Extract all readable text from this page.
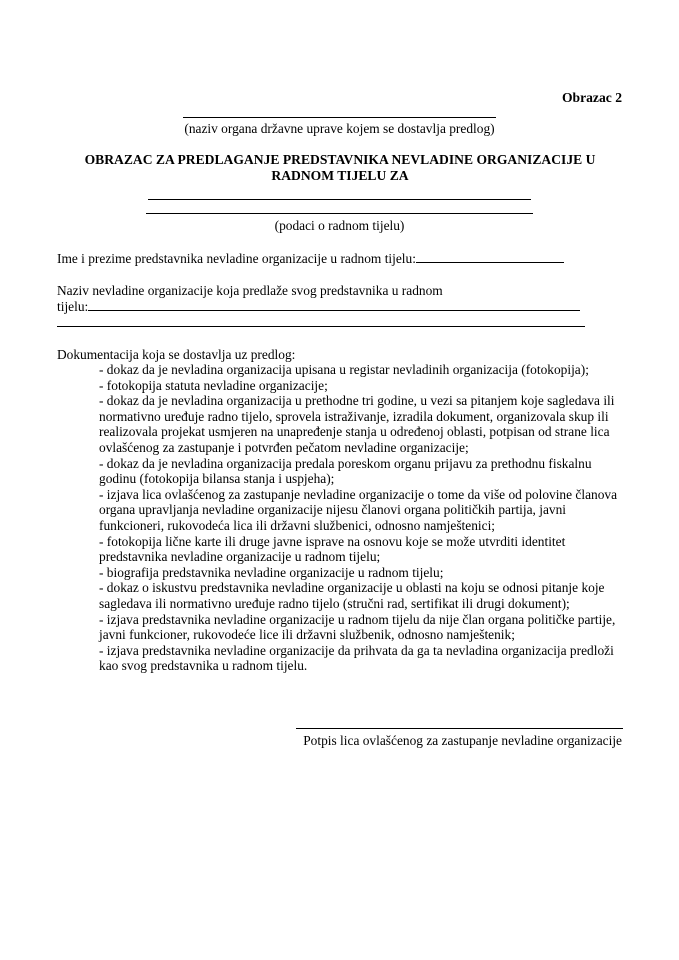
Obrazac 2
(naziv organa državne uprave kojem se dostavlja predlog)
OBRAZAC ZA PREDLAGANJE PREDSTAVNIKA NEVLADINE ORGANIZACIJE U RADNOM TIJELU ZA
(podaci o radnom tijelu)
Ime i prezime predstavnika nevladine organizacije u radnom tijelu:
Naziv nevladine organizacije koja predlaže svog predstavnika u radnom
tijelu:
Dokumentacija koja se dostavlja uz predlog:
- dokaz da je nevladina organizacija upisana u registar nevladinih organizacija (fotokopija);
- fotokopija statuta nevladine organizacije;
- dokaz da je nevladina organizacija u prethodne tri godine, u vezi sa pitanjem koje sagledava ili normativno uređuje radno tijelo, sprovela istraživanje, izradila dokument, organizovala skup ili realizovala projekat usmjeren na unapređenje stanja u određenoj oblasti, potpisan od strane lica ovlašćenog za zastupanje i potvrđen pečatom nevladine organizacije;
- dokaz da je nevladina organizacija predala poreskom organu prijavu za prethodnu fiskalnu godinu (fotokopija bilansa stanja i uspjeha);
- izjava lica ovlašćenog za zastupanje nevladine organizacije o tome da više od polovine članova organa upravljanja nevladine organizacije nijesu članovi organa političkih partija, javni funkcioneri, rukovodeća lica ili državni službenici, odnosno namještenici;
- fotokopija lične karte ili druge javne isprave na osnovu koje se može utvrditi identitet predstavnika nevladine organizacije u radnom tijelu;
- biografija predstavnika nevladine organizacije u radnom tijelu;
- dokaz o iskustvu predstavnika nevladine organizacije u oblasti na koju se odnosi pitanje koje sagledava ili normativno uređuje radno tijelo (stručni rad, sertifikat ili drugi dokument);
- izjava predstavnika nevladine organizacije u radnom tijelu da nije član organa političke partije, javni funkcioner, rukovodeće lice ili državni službenik, odnosno namještenik;
- izjava predstavnika nevladine organizacije da prihvata da ga ta nevladina organizacija predloži kao svog predstavnika u radnom tijelu.
Potpis lica ovlašćenog za zastupanje nevladine organizacije
